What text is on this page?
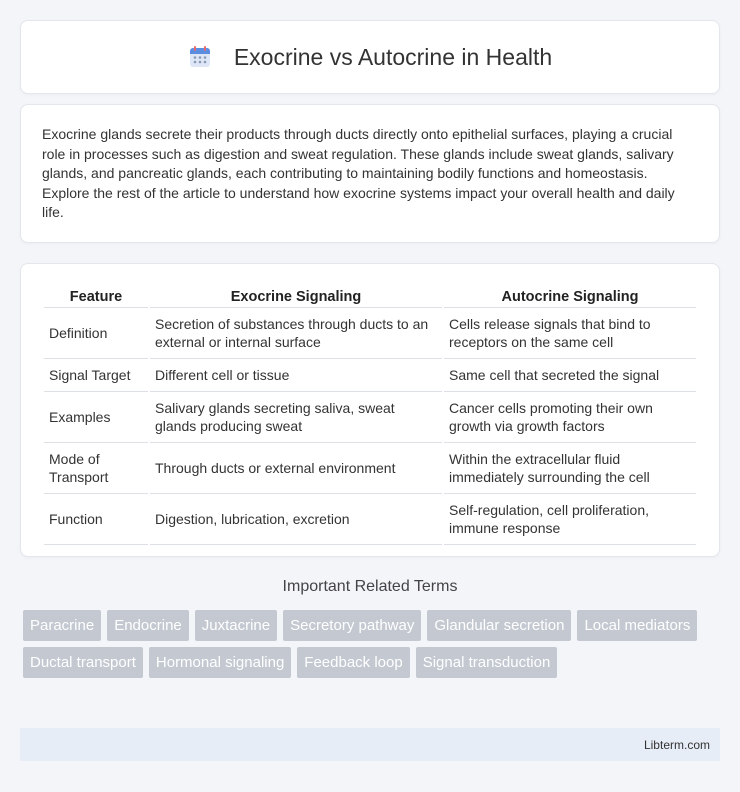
Exocrine vs Autocrine in Health

Exocrine glands secrete their products through ducts directly onto epithelial surfaces, playing a crucial role in processes such as digestion and sweat regulation. These glands include sweat glands, salivary glands, and pancreatic glands, each contributing to maintaining bodily functions and homeostasis. Explore the rest of the article to understand how exocrine systems impact your overall health and daily life.

Feature	Exocrine Signaling	Autocrine Signaling
Definition	Secretion of substances through ducts to an external or internal surface	Cells release signals that bind to receptors on the same cell
Signal Target	Different cell or tissue	Same cell that secreted the signal
Examples	Salivary glands secreting saliva, sweat glands producing sweat	Cancer cells promoting their own growth via growth factors
Mode of Transport	Through ducts or external environment	Within the extracellular fluid immediately surrounding the cell
Function	Digestion, lubrication, excretion	Self-regulation, cell proliferation, immune response
Important Related Terms
Paracrine	Endocrine	Juxtacrine	Secretory pathway	Glandular secretion	Local mediators
Ductal transport	Hormonal signaling	Feedback loop	Signal transduction
Libterm.com
